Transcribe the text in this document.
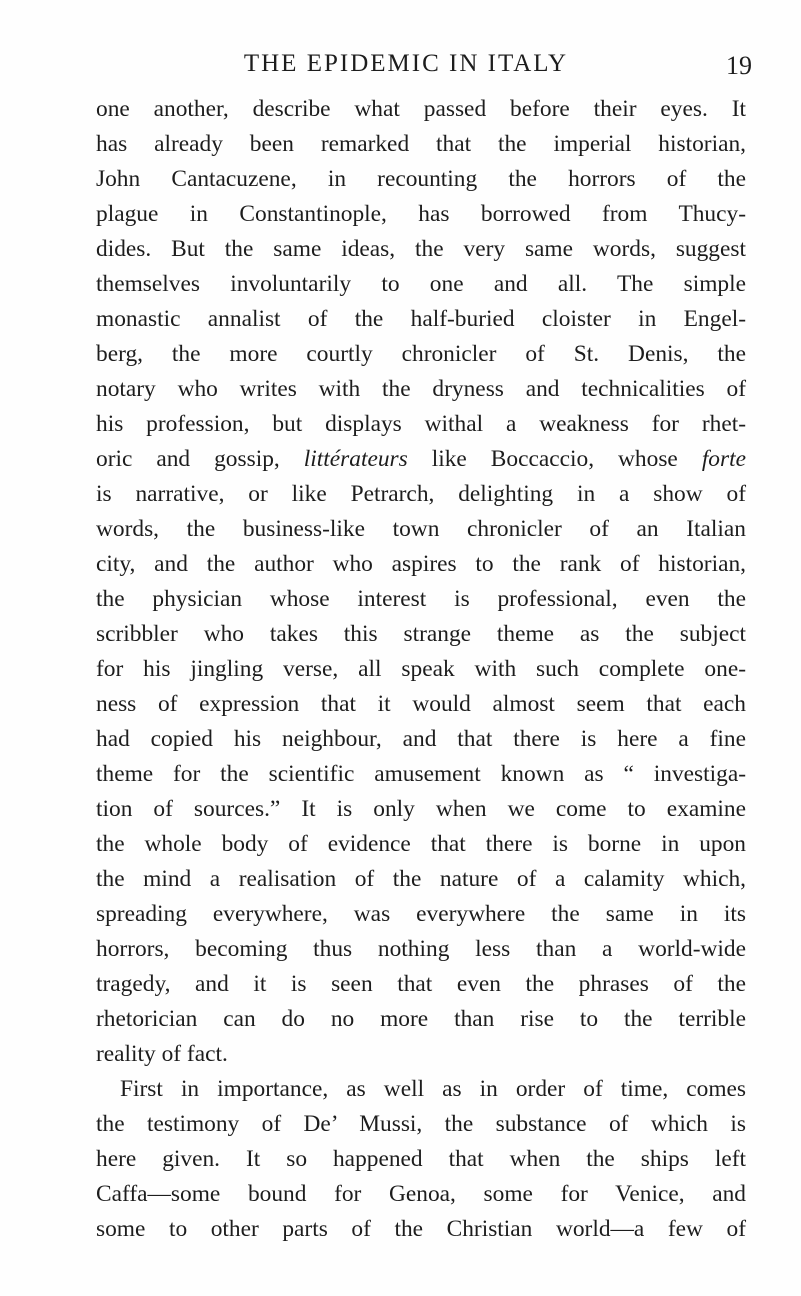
THE EPIDEMIC IN ITALY	19
one another, describe what passed before their eyes. It
has already been remarked that the imperial historian,
John Cantacuzene, in recounting the horrors of the
plague in Constantinople, has borrowed from Thucy-
dides. But the same ideas, the very same words, suggest
themselves involuntarily to one and all. The simple
monastic annalist of the half-buried cloister in Engel-
berg, the more courtly chronicler of St. Denis, the
notary who writes with the dryness and technicalities of
his profession, but displays withal a weakness for rhet-
oric and gossip, littérateurs like Boccaccio, whose forte
is narrative, or like Petrarch, delighting in a show of
words, the business-like town chronicler of an Italian
city, and the author who aspires to the rank of historian,
the physician whose interest is professional, even the
scribbler who takes this strange theme as the subject
for his jingling verse, all speak with such complete one-
ness of expression that it would almost seem that each
had copied his neighbour, and that there is here a fine
theme for the scientific amusement known as “ investiga-
tion of sources.” It is only when we come to examine
the whole body of evidence that there is borne in upon
the mind a realisation of the nature of a calamity which,
spreading everywhere, was everywhere the same in its
horrors, becoming thus nothing less than a world-wide
tragedy, and it is seen that even the phrases of the
rhetorician can do no more than rise to the terrible
reality of fact.
First in importance, as well as in order of time, comes
the testimony of De’ Mussi, the substance of which is
here given. It so happened that when the ships left
Caffa—some bound for Genoa, some for Venice, and
some to other parts of the Christian world—a few of
